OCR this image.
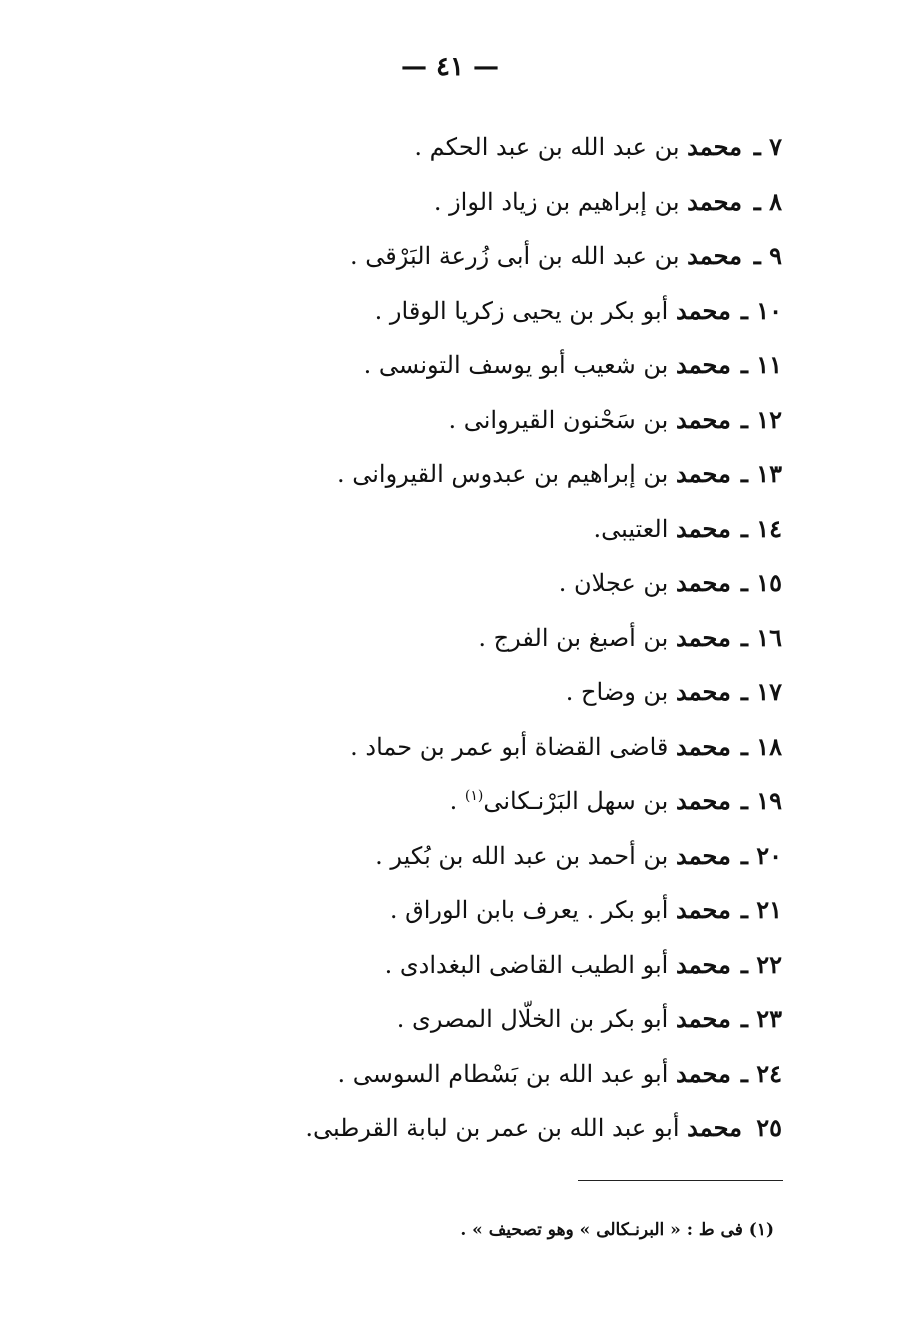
— ٤١ —
٧ ـمحمد بن عبد الله بن عبد الحكم .
٨ ـمحمد بن إبراهيم بن زياد الواز .
٩ ـمحمد بن عبد الله بن أبى زُرعة البَرْقى .
١٠ ـمحمد أبو بكر بن يحيى زكريا الوقار .
١١ ـمحمد بن شعيب أبو يوسف التونسى .
١٢ ـمحمد بن سَحْنون القيروانى .
١٣ ـمحمد بن إبراهيم بن عبدوس القيروانى .
١٤ ـمحمد العتيبى.
١٥ ـمحمد بن عجلان .
١٦ ـمحمد بن أصبغ بن الفرج .
١٧ ـمحمد بن وضاح .
١٨ ـمحمد قاضى القضاة أبو عمر بن حماد .
١٩ ـمحمد بن سهل البَرْنـكانى$^{(١)}$ .
٢٠ ـمحمد بن أحمد بن عبد الله بن بُكير .
٢١ ـمحمد أبو بكر . يعرف بابن الوراق .
٢٢ ـمحمد أبو الطيب القاضى البغدادى .
٢٣ ـمحمد أبو بكر بن الخلّال المصرى .
٢٤ ـمحمد أبو عبد الله بن بَسْطام السوسى .
٢٥محمد أبو عبد الله بن عمر بن لبابة القرطبى.
(١) فى ط : « البرنـكالى » وهو تصحيف » .
